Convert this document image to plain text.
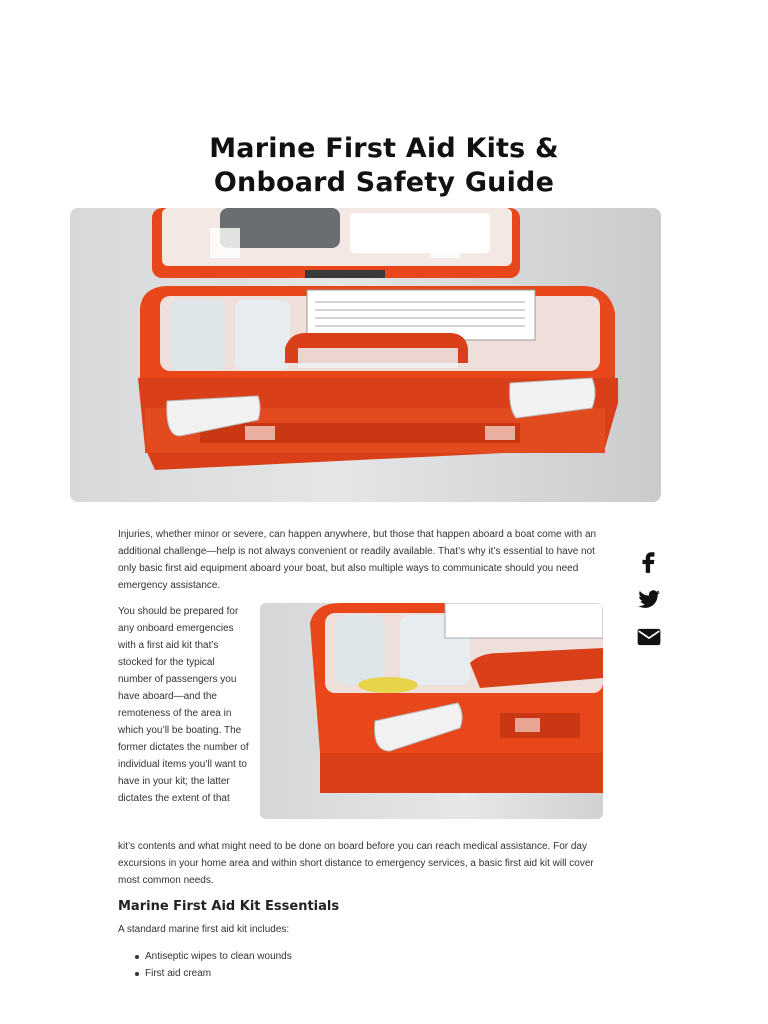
Marine First Aid Kits &
Onboard Safety Guide

Injuries, whether minor or severe, can happen anywhere, but those that happen aboard a boat come with an additional challenge—help is not always convenient or readily available. That’s why it’s essential to have not only basic first aid equipment aboard your boat, but also multiple ways to communicate should you need emergency assistance.

You should be prepared for any onboard emergencies with a first aid kit that’s stocked for the typical number of passengers you have aboard—and the remoteness of the area in which you’ll be boating. The former dictates the number of individual items you’ll want to have in your kit; the latter dictates the extent of that

kit’s contents and what might need to be done on board before you can reach medical assistance. For day excursions in your home area and within short distance to emergency services, a basic first aid kit will cover most common needs.

Marine First Aid Kit Essentials

A standard marine first aid kit includes:

Antiseptic wipes to clean wounds
First aid cream
